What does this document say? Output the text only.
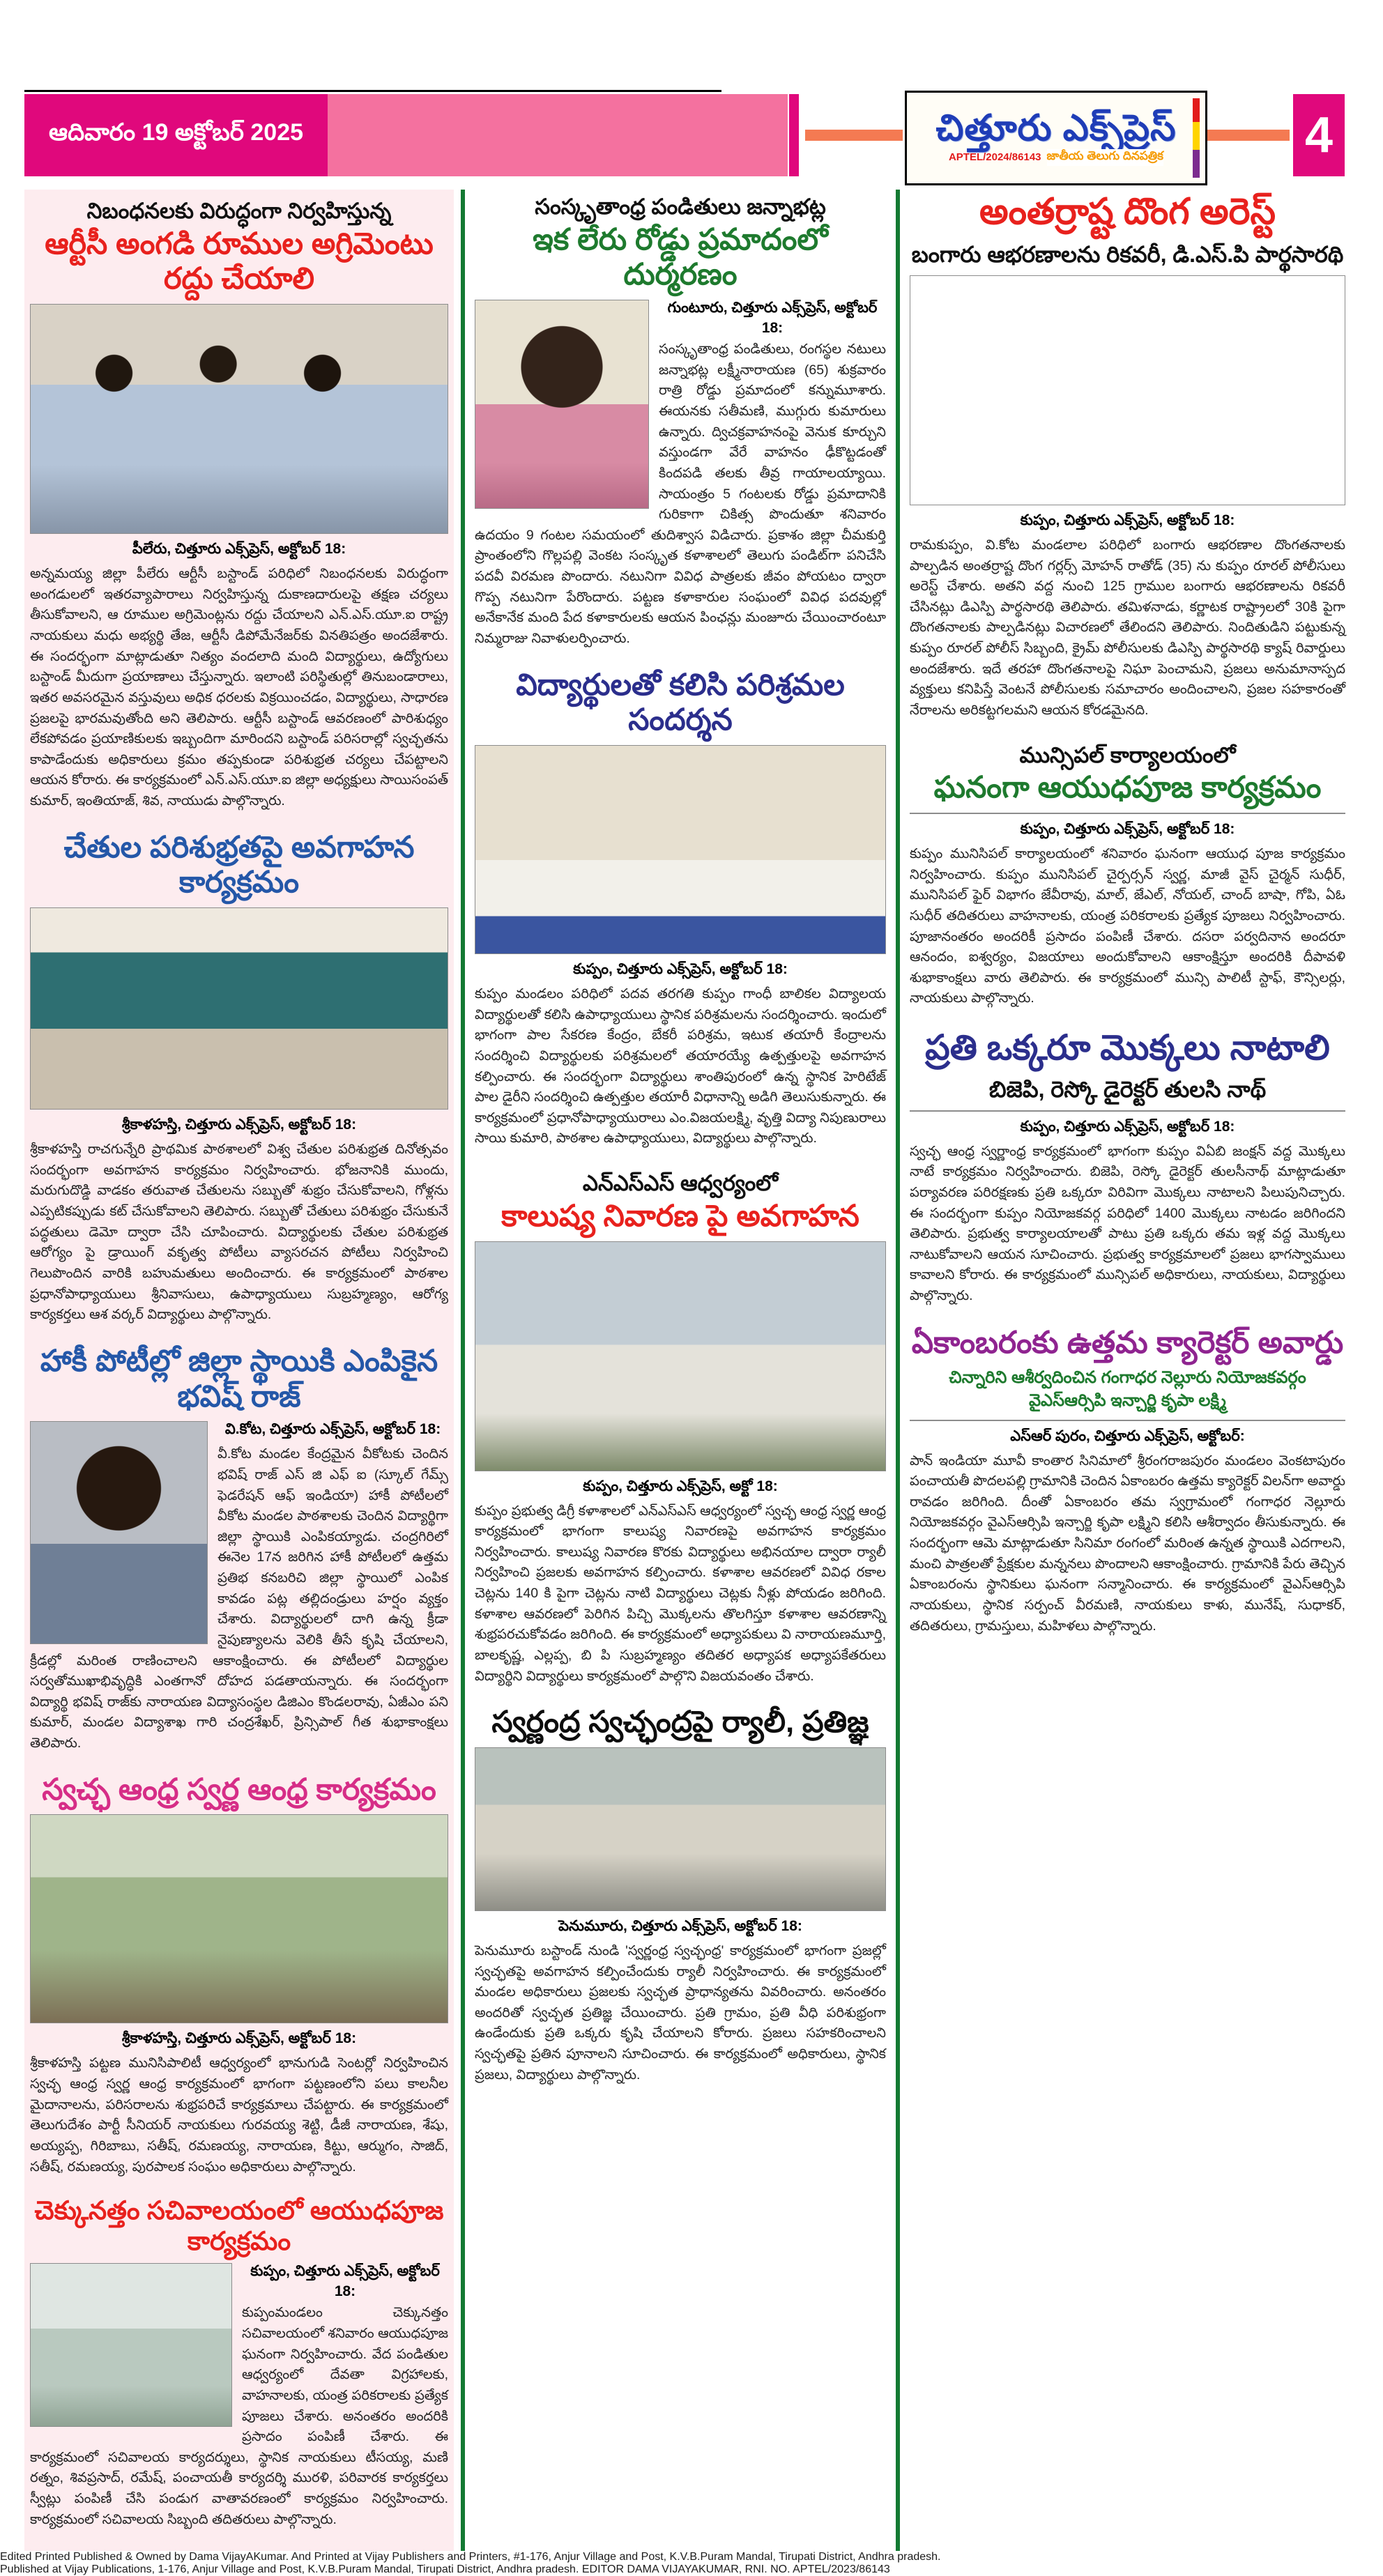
ఆదివారం 19 అక్టోబర్ 2025	చిత్తూరు ఎక్స్‌ప్రెస్
APTEL/2024/86143 జాతీయ తెలుగు దినపత్రిక	4
నిబంధనలకు విరుద్ధంగా నిర్వహిస్తున్న
ఆర్టీసీ అంగడి రూముల అగ్రిమెంటు రద్దు చేయాలి
పీలేరు, చిత్తూరు ఎక్స్‌ప్రెస్, అక్టోబర్ 18:

అన్నమయ్య జిల్లా పీలేరు ఆర్టీసీ బస్టాండ్ పరిధిలో నిబంధనలకు విరుద్ధంగా అంగడులలో ఇతరవ్యాపారాలు నిర్వహిస్తున్న దుకాణదారులపై తక్షణ చర్యలు తీసుకోవాలని, ఆ రూముల అగ్రిమెంట్లను రద్దు చేయాలని ఎన్.ఎస్.యూ.ఐ రాష్ట్ర నాయకులు మధు అభ్యర్థి తేజ, ఆర్టీసీ డిపోమేనేజర్‌కు వినతిపత్రం అందజేశారు. ఈ సందర్భంగా మాట్లాడుతూ నిత్యం వందలాది మంది విద్యార్థులు, ఉద్యోగులు బస్టాండ్ మీదుగా ప్రయాణాలు చేస్తున్నారు. ఇలాంటి పరిస్థితుల్లో తినుబండారాలు, ఇతర అవసరమైన వస్తువులు అధిక ధరలకు విక్రయించడం, విద్యార్థులు, సాధారణ ప్రజలపై భారమవుతోంది అని తెలిపారు. ఆర్టీసీ బస్టాండ్ ఆవరణంలో పారిశుధ్యం లేకపోవడం ప్రయాణికులకు ఇబ్బందిగా మారిందని బస్టాండ్ పరిసరాల్లో స్వచ్ఛతను కాపాడేందుకు అధికారులు క్రమం తప్పకుండా పరిశుభ్రత చర్యలు చేపట్టాలని ఆయన కోరారు. ఈ కార్యక్రమంలో ఎన్.ఎస్.యూ.ఐ జిల్లా అధ్యక్షులు సాయిసంపత్ కుమార్, ఇంతియాజ్, శివ, నాయుడు పాల్గొన్నారు.

చేతుల పరిశుభ్రతపై అవగాహన కార్యక్రమం
శ్రీకాళహస్తి, చిత్తూరు ఎక్స్‌ప్రెస్, అక్టోబర్ 18:

శ్రీకాళహస్తి రాచగున్నేరి ప్రాథమిక పాఠశాలలో విశ్వ చేతుల పరిశుభ్రత దినోత్సవం సందర్భంగా అవగాహన కార్యక్రమం నిర్వహించారు. భోజనానికి ముందు, మరుగుదొడ్డి వాడకం తరువాత చేతులను సబ్బుతో శుభ్రం చేసుకోవాలని, గోళ్లను ఎప్పటికప్పుడు కట్ చేసుకోవాలని తెలిపారు. సబ్బుతో చేతులు పరిశుభ్రం చేసుకునే పద్ధతులు డెమో ద్వారా చేసి చూపించారు. విద్యార్థులకు చేతుల పరిశుభ్రత ఆరోగ్యం పై డ్రాయింగ్ వకృత్వ పోటీలు వ్యాసరచన పోటీలు నిర్వహించి గెలుపొందిన వారికి బహుమతులు అందించారు. ఈ కార్యక్రమంలో పాఠశాల ప్రధానోపాధ్యాయులు శ్రీనివాసులు, ఉపాధ్యాయులు సుబ్రహ్మణ్యం, ఆరోగ్య కార్యకర్తలు ఆశ వర్కర్ విద్యార్థులు పాల్గొన్నారు.

హాకీ పోటీల్లో జిల్లా స్థాయికి ఎంపికైన భవిష్ రాజ్
వి.కోట, చిత్తూరు ఎక్స్‌ప్రెస్, అక్టోబర్ 18:

వీ.కోట మండల కేంద్రమైన వీకోటకు చెందిన భవిష్ రాజ్ ఎస్ జి ఎఫ్ ఐ (స్కూల్ గేమ్స్ ఫెడరేషన్ ఆఫ్ ఇండియా) హాకీ పోటీలలో వీకోట మండల పాఠశాలకు చెందిన విద్యార్థిగా జిల్లా స్థాయికి ఎంపికయ్యాడు. చంద్రగిరిలో ఈనెల 17న జరిగిన హాకీ పోటీలలో ఉత్తమ ప్రతిభ కనబరిచి జిల్లా స్థాయిలో ఎంపిక కావడం పట్ల తల్లిదండ్రులు హర్షం వ్యక్తం చేశారు. విద్యార్థులలో దాగి ఉన్న క్రీడా నైపుణ్యాలను వెలికి తీసే కృషి చేయాలని, క్రీడల్లో మరింత రాణించాలని ఆకాంక్షించారు. ఈ పోటీలలో విద్యార్థుల సర్వతోముఖాభివృద్ధికి ఎంతగానో దోహద పడతాయన్నారు. ఈ సందర్భంగా విద్యార్థి భవిష్ రాజ్‌కు నారాయణ విద్యాసంస్థల డిజిఎం కొండలరావు, ఏజీఎం పని కుమార్, మండల విద్యాశాఖ గారి చంద్రశేఖర్, ప్రిన్సిపాల్ గీత శుభాకాంక్షలు తెలిపారు.

స్వచ్ఛ ఆంధ్ర స్వర్ణ ఆంధ్ర కార్యక్రమం
శ్రీకాళహస్తి, చిత్తూరు ఎక్స్‌ప్రెస్, అక్టోబర్ 18:

శ్రీకాళహస్తి పట్టణ మునిసిపాలిటీ ఆధ్వర్యంలో భానుగుడి సెంటర్లో నిర్వహించిన స్వచ్ఛ ఆంధ్ర స్వర్ణ ఆంధ్ర కార్యక్రమంలో భాగంగా పట్టణంలోని పలు కాలనీల మైదానాలను, పరిసరాలను శుభ్రపరిచే కార్యక్రమాలు చేపట్టారు. ఈ కార్యక్రమంలో తెలుగుదేశం పార్టీ సీనియర్ నాయకులు గురవయ్య శెట్టి, డీజీ నారాయణ, శేషు, అయ్యప్ప, గిరిబాబు, సతీష్, రమణయ్య, నారాయణ, కిట్టు, ఆర్ముగం, సాజిద్, సతీష్, రమణయ్య, పురపాలక సంఘం అధికారులు పాల్గొన్నారు.

చెక్కునత్తం సచివాలయంలో ఆయుధపూజ కార్యక్రమం
కుప్పం, చిత్తూరు ఎక్స్‌ప్రెస్, అక్టోబర్ 18:

కుప్పంమండలం చెక్కునత్తం సచివాలయంలో శనివారం ఆయుధపూజ ఘనంగా నిర్వహించారు. వేద పండితుల ఆధ్వర్యంలో దేవతా విగ్రహాలకు, వాహనాలకు, యంత్ర పరికరాలకు ప్రత్యేక పూజలు చేశారు. అనంతరం అందరికి ప్రసాదం పంపిణీ చేశారు. ఈ కార్యక్రమంలో సచివాలయ కార్యదర్శులు, స్థానిక నాయకులు టీసయ్య, మణి రత్నం, శివప్రసాద్, రమేష్, పంచాయతీ కార్యదర్శి మురళి, పరివారక కార్యకర్తలు స్వీట్లు పంపిణీ చేసి పండుగ వాతావరణంలో కార్యక్రమం నిర్వహించారు. కార్యక్రమంలో సచివాలయ సిబ్బంది తదితరులు పాల్గొన్నారు.

సంస్కృతాంధ్ర పండితులు జన్నాభట్ల
ఇక లేరు రోడ్డు ప్రమాదంలో దుర్మరణం
గుంటూరు, చిత్తూరు ఎక్స్‌ప్రెస్, అక్టోబర్ 18:

సంస్కృతాంధ్ర పండితులు, రంగస్థల నటులు జన్నాభట్ల లక్ష్మీనారాయణ (65) శుక్రవారం రాత్రి రోడ్డు ప్రమాదంలో కన్నుమూశారు. ఈయనకు సతీమణి, ముగ్గురు కుమారులు ఉన్నారు. ద్విచక్రవాహనంపై వెనుక కూర్చుని వస్తుండగా వేరే వాహనం ఢీకొట్టడంతో కిందపడి తలకు తీవ్ర గాయాలయ్యాయి. సాయంత్రం 5 గంటలకు రోడ్డు ప్రమాదానికి గురికాగా చికిత్స పొందుతూ శనివారం ఉదయం 9 గంటల సమయంలో తుదిశ్వాస విడిచారు. ప్రకాశం జిల్లా చీమకుర్తి ప్రాంతంలోని గొల్లపల్లి వెంకట సంస్కృత కళాశాలలో తెలుగు పండిట్‌గా పనిచేసి పదవీ విరమణ పొందారు. నటునిగా వివిధ పాత్రలకు జీవం పోయటం ద్వారా గొప్ప నటునిగా పేరొందారు. పట్టణ కళాకారుల సంఘంలో వివిధ పదవుల్లో అనేకానేక మంది పేద కళాకారులకు ఆయన పింఛన్లు మంజూరు చేయించారంటూ నిమ్మరాజు నివాళులర్పించారు.

విద్యార్థులతో కలిసి పరిశ్రమల సందర్శన
కుప్పం, చిత్తూరు ఎక్స్‌ప్రెస్, అక్టోబర్ 18:

కుప్పం మండలం పరిధిలో పదవ తరగతి కుప్పం గాంధీ బాలికల విద్యాలయ విద్యార్థులతో కలిసి ఉపాధ్యాయులు స్థానిక పరిశ్రమలను సందర్శించారు. ఇందులో భాగంగా పాల సేకరణ కేంద్రం, బేకరీ పరిశ్రమ, ఇటుక తయారీ కేంద్రాలను సందర్శించి విద్యార్థులకు పరిశ్రమలలో తయారయ్యే ఉత్పత్తులపై అవగాహన కల్పించారు. ఈ సందర్భంగా విద్యార్థులు శాంతిపురంలో ఉన్న స్థానిక హెరిటేజ్ పాల డైరీని సందర్శించి ఉత్పత్తుల తయారీ విధానాన్ని అడిగి తెలుసుకున్నారు. ఈ కార్యక్రమంలో ప్రధానోపాధ్యాయురాలు ఎం.విజయలక్ష్మి, వృత్తి విద్యా నిపుణురాలు సాయి కుమారి, పాఠశాల ఉపాధ్యాయులు, విద్యార్థులు పాల్గొన్నారు.

ఎన్ఎస్ఎస్ ఆధ్వర్యంలో
కాలుష్య నివారణ పై అవగాహన
కుప్పం, చిత్తూరు ఎక్స్‌ప్రెస్, అక్టో 18:

కుప్పం ప్రభుత్వ డిగ్రీ కళాశాలలో ఎన్ఎస్ఎస్ ఆధ్వర్యంలో స్వచ్ఛ ఆంధ్ర స్వర్ణ ఆంధ్ర కార్యక్రమంలో భాగంగా కాలుష్య నివారణపై అవగాహన కార్యక్రమం నిర్వహించారు. కాలుష్య నివారణ కొరకు విద్యార్థులు అభినయాల ద్వారా ర్యాలీ నిర్వహించి ప్రజలకు అవగాహన కల్పించారు. కళాశాల ఆవరణలో వివిధ రకాల చెట్లను 140 కి పైగా చెట్లను నాటి విద్యార్థులు చెట్లకు నీళ్లు పోయడం జరిగింది. కళాశాల ఆవరణలో పెరిగిన పిచ్చి మొక్కలను తొలగిస్తూ కళాశాల ఆవరణాన్ని శుభ్రపరచుకోవడం జరిగింది. ఈ కార్యక్రమంలో అధ్యాపకులు వి నారాయణమూర్తి, బాలకృష్ణ, ఎల్లప్ప, బి పి సుబ్రహ్మణ్యం తదితర అధ్యాపక అధ్యాపకేతరులు విద్యార్థిని విద్యార్థులు కార్యక్రమంలో పాల్గొని విజయవంతం చేశారు.

స్వర్ణంద్ర స్వచ్ఛంద్రపై ర్యాలీ, ప్రతిజ్ఞ
పెనుమూరు, చిత్తూరు ఎక్స్‌ప్రెస్, అక్టోబర్ 18:

పెనుమూరు బస్టాండ్ నుండి 'స్వర్ణంధ్ర స్వచ్ఛంధ్ర' కార్యక్రమంలో భాగంగా ప్రజల్లో స్వచ్ఛతపై అవగాహన కల్పించేందుకు ర్యాలీ నిర్వహించారు. ఈ కార్యక్రమంలో మండల అధికారులు ప్రజలకు స్వచ్ఛత ప్రాధాన్యతను వివరించారు. అనంతరం అందరితో స్వచ్ఛత ప్రతిజ్ఞ చేయించారు. ప్రతి గ్రామం, ప్రతి వీధి పరిశుభ్రంగా ఉండేందుకు ప్రతి ఒక్కరు కృషి చేయాలని కోరారు. ప్రజలు సహకరించాలని స్వచ్ఛతపై ప్రతిన పూనాలని సూచించారు. ఈ కార్యక్రమంలో అధికారులు, స్థానిక ప్రజలు, విద్యార్థులు పాల్గొన్నారు.

అంతర్రాష్ట దొంగ అరెస్ట్
బంగారు ఆభరణాలను రికవరీ, డి.ఎస్.పి పార్థసారథి
కుప్పం, చిత్తూరు ఎక్స్‌ప్రెస్, అక్టోబర్ 18:

రామకుప్పం, వి.కోట మండలాల పరిధిలో బంగారు ఆభరణాల దొంగతనాలకు పాల్పడిన అంతర్రాష్ట దొంగ గర్లర్స్ మోహన్ రాతోడ్ (35) ను కుప్పం రూరల్ పోలీసులు అరెస్ట్ చేశారు. అతని వద్ద నుంచి 125 గ్రాముల బంగారు ఆభరణాలను రికవరీ చేసినట్లు డిఎస్పి పార్థసారథి తెలిపారు. తమిళనాడు, కర్ణాటక రాష్ట్రాలలో 30కి పైగా దొంగతనాలకు పాల్పడినట్లు విచారణలో తేలిందని తెలిపారు. నిందితుడిని పట్టుకున్న కుప్పం రూరల్ పోలీస్ సిబ్బంది, క్రైమ్ పోలీసులకు డిఎస్పి పార్థసారథి క్యాష్ రివార్డులు అందజేశారు. ఇదే తరహా దొంగతనాలపై నిఘా పెంచామని, ప్రజలు అనుమానాస్పద వ్యక్తులు కనిపిస్తే వెంటనే పోలీసులకు సమాచారం అందించాలని, ప్రజల సహకారంతో నేరాలను అరికట్టగలమని ఆయన కోరడమైనది.

మున్సిపల్ కార్యాలయంలో
ఘనంగా ఆయుధపూజ కార్యక్రమం
కుప్పం, చిత్తూరు ఎక్స్‌ప్రెస్, అక్టోబర్ 18:

కుప్పం మునిసిపల్ కార్యాలయంలో శనివారం ఘనంగా ఆయుధ పూజ కార్యక్రమం నిర్వహించారు. కుప్పం మునిసిపల్ చైర్పర్సన్ స్వర్ణ, మాజీ వైస్ చైర్మన్ సుధీర్, మునిసిపల్ ఫైర్ విభాగం జేవీరావు, మాల్, జేఎల్, నోయల్, చాంద్ బాషా, గోపి, ఏఓ సుధీర్ తదితరులు వాహనాలకు, యంత్ర పరికరాలకు ప్రత్యేక పూజలు నిర్వహించారు. పూజానంతరం అందరికీ ప్రసాదం పంపిణీ చేశారు. దసరా పర్వదినాన అందరూ ఆనందం, ఐశ్వర్యం, విజయాలు అందుకోవాలని ఆకాంక్షిస్తూ అందరికి దీపావళి శుభాకాంక్షలు వారు తెలిపారు. ఈ కార్యక్రమంలో మున్సి పాలిటీ స్టాఫ్, కౌన్సిలర్లు, నాయకులు పాల్గొన్నారు.

ప్రతి ఒక్కరూ మొక్కలు నాటాలి
బిజెపి, రెస్కో డైరెక్టర్ తులసి నాథ్
కుప్పం, చిత్తూరు ఎక్స్‌ప్రెస్, అక్టోబర్ 18:

స్వచ్ఛ ఆంధ్ర స్వర్ణాంధ్ర కార్యక్రమంలో భాగంగా కుప్పం విఏబి జంక్షన్ వద్ద మొక్కలు నాటే కార్యక్రమం నిర్వహించారు. బిజెపి, రెస్కో డైరెక్టర్ తులసీనాథ్ మాట్లాడుతూ పర్యావరణ పరిరక్షణకు ప్రతి ఒక్కరూ విరివిగా మొక్కలు నాటాలని పిలుపునిచ్చారు. ఈ సందర్భంగా కుప్పం నియోజకవర్గ పరిధిలో 1400 మొక్కలు నాటడం జరిగిందని తెలిపారు. ప్రభుత్వ కార్యాలయాలతో పాటు ప్రతి ఒక్కరు తమ ఇళ్ల వద్ద మొక్కలు నాటుకోవాలని ఆయన సూచించారు. ప్రభుత్వ కార్యక్రమాలలో ప్రజలు భాగస్వాములు కావాలని కోరారు. ఈ కార్యక్రమంలో మున్సిపల్ అధికారులు, నాయకులు, విద్యార్థులు పాల్గొన్నారు.

ఏకాంబరంకు ఉత్తమ క్యారెక్టర్ అవార్డు
చిన్నారిని ఆశీర్వదించిన గంగాధర నెల్లూరు నియోజకవర్గం వైఎస్ఆర్సిపి ఇన్చార్జి కృపా లక్ష్మి
ఎస్ఆర్ పురం, చిత్తూరు ఎక్స్‌ప్రెస్, అక్టోబర్:

పాన్ ఇండియా మూవీ కాంతార సినిమాలో శ్రీరంగరాజపురం మండలం వెంకటాపురం పంచాయతీ పొదలపల్లి గ్రామానికి చెందిన ఏకాంబరం ఉత్తమ క్యారెక్టర్ విలన్‌గా అవార్డు రావడం జరిగింది. దీంతో ఏకాంబరం తమ స్వగ్రామంలో గంగాధర నెల్లూరు నియోజకవర్గం వైఎస్ఆర్సిపి ఇన్చార్జి కృపా లక్ష్మిని కలిసి ఆశీర్వాదం తీసుకున్నారు. ఈ సందర్భంగా ఆమె మాట్లాడుతూ సినిమా రంగంలో మరింత ఉన్నత స్థాయికి ఎదగాలని, మంచి పాత్రలతో ప్రేక్షకుల మన్ననలు పొందాలని ఆకాంక్షించారు. గ్రామానికి పేరు తెచ్చిన ఏకాంబరంను స్థానికులు ఘనంగా సన్మానించారు. ఈ కార్యక్రమంలో వైఎస్ఆర్సిపి నాయకులు, స్థానిక సర్పంచ్ వీరమణి, నాయకులు కాళు, మునేష్, సుధాకర్, తదితరులు, గ్రామస్తులు, మహిళలు పాల్గొన్నారు.

Edited Printed Published & Owned by Dama VijayAKumar. And Printed at Vijay Publishers and Printers, #1-176, Anjur Village and Post, K.V.B.Puram Mandal, Tirupati District, Andhra pradesh.
Published at Vijay Publications, 1-176, Anjur Village and Post, K.V.B.Puram Mandal, Tirupati District, Andhra pradesh. EDITOR DAMA VIJAYAKUMAR, RNI. NO. APTEL/2023/86143
